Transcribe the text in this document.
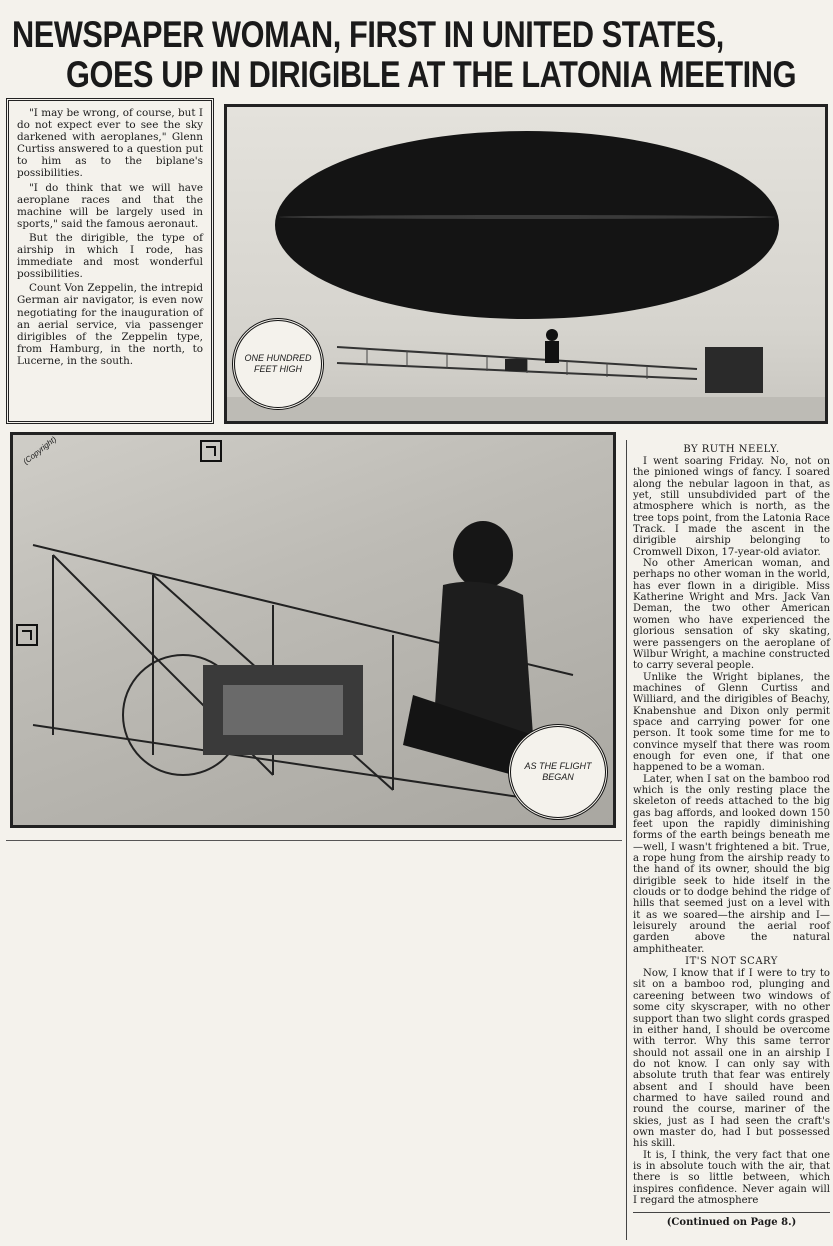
NEWSPAPER WOMAN, FIRST IN UNITED STATES,
GOES UP IN DIRIGIBLE AT THE LATONIA MEETING

"I may be wrong, of course, but I do not expect ever to see the sky darkened with aeroplanes," Glenn Curtiss answered to a question put to him as to the biplane's possibilities.

"I do think that we will have aeroplane races and that the machine will be largely used in sports," said the famous aeronaut.

But the dirigible, the type of airship in which I rode, has immediate and most wonderful possibilities.

Count Von Zeppelin, the intrepid German air navigator, is even now negotiating for the inauguration of an aerial service, via passenger dirigibles of the Zeppelin type, from Hamburg, in the north, to Lucerne, in the south.	ONE HUNDRED FEET HIGH
(Copyright)
AS THE FLIGHT BEGAN
BY RUTH NEELY.

I went soaring Friday. No, not on the pinioned wings of fancy. I soared along the nebular lagoon in that, as yet, still unsubdivided part of the atmosphere which is north, as the tree tops point, from the Latonia Race Track. I made the ascent in the dirigible airship belonging to Cromwell Dixon, 17-year-old aviator.

No other American woman, and perhaps no other woman in the world, has ever flown in a dirigible. Miss Katherine Wright and Mrs. Jack Van Deman, the two other American women who have experienced the glorious sensation of sky skating, were passengers on the aeroplane of Wilbur Wright, a machine constructed to carry several people.

Unlike the Wright biplanes, the machines of Glenn Curtiss and Williard, and the dirigibles of Beachy, Knabenshue and Dixon only permit space and carrying power for one person. It took some time for me to convince myself that there was room enough for even one, if that one happened to be a woman.

Later, when I sat on the bamboo rod which is the only resting place the skeleton of reeds attached to the big gas bag affords, and looked down 150 feet upon the rapidly diminishing forms of the earth beings beneath me—well, I wasn't frightened a bit. True, a rope hung from the airship ready to the hand of its owner, should the big dirigible seek to hide itself in the clouds or to dodge behind the ridge of hills that seemed just on a level with it as we soared—the airship and I—leisurely around the aerial roof garden above the natural amphitheater.

IT'S NOT SCARY

Now, I know that if I were to try to sit on a bamboo rod, plunging and careening between two windows of some city skyscraper, with no other support than two slight cords grasped in either hand, I should be overcome with terror. Why this same terror should not assail one in an airship I do not know. I can only say with absolute truth that fear was entirely absent and I should have been charmed to have sailed round and round the course, mariner of the skies, just as I had seen the craft's own master do, had I but possessed his skill.

It is, I think, the very fact that one is in absolute touch with the air, that there is so little between, which inspires confidence. Never again will I regard the atmosphere

(Continued on Page 8.)
